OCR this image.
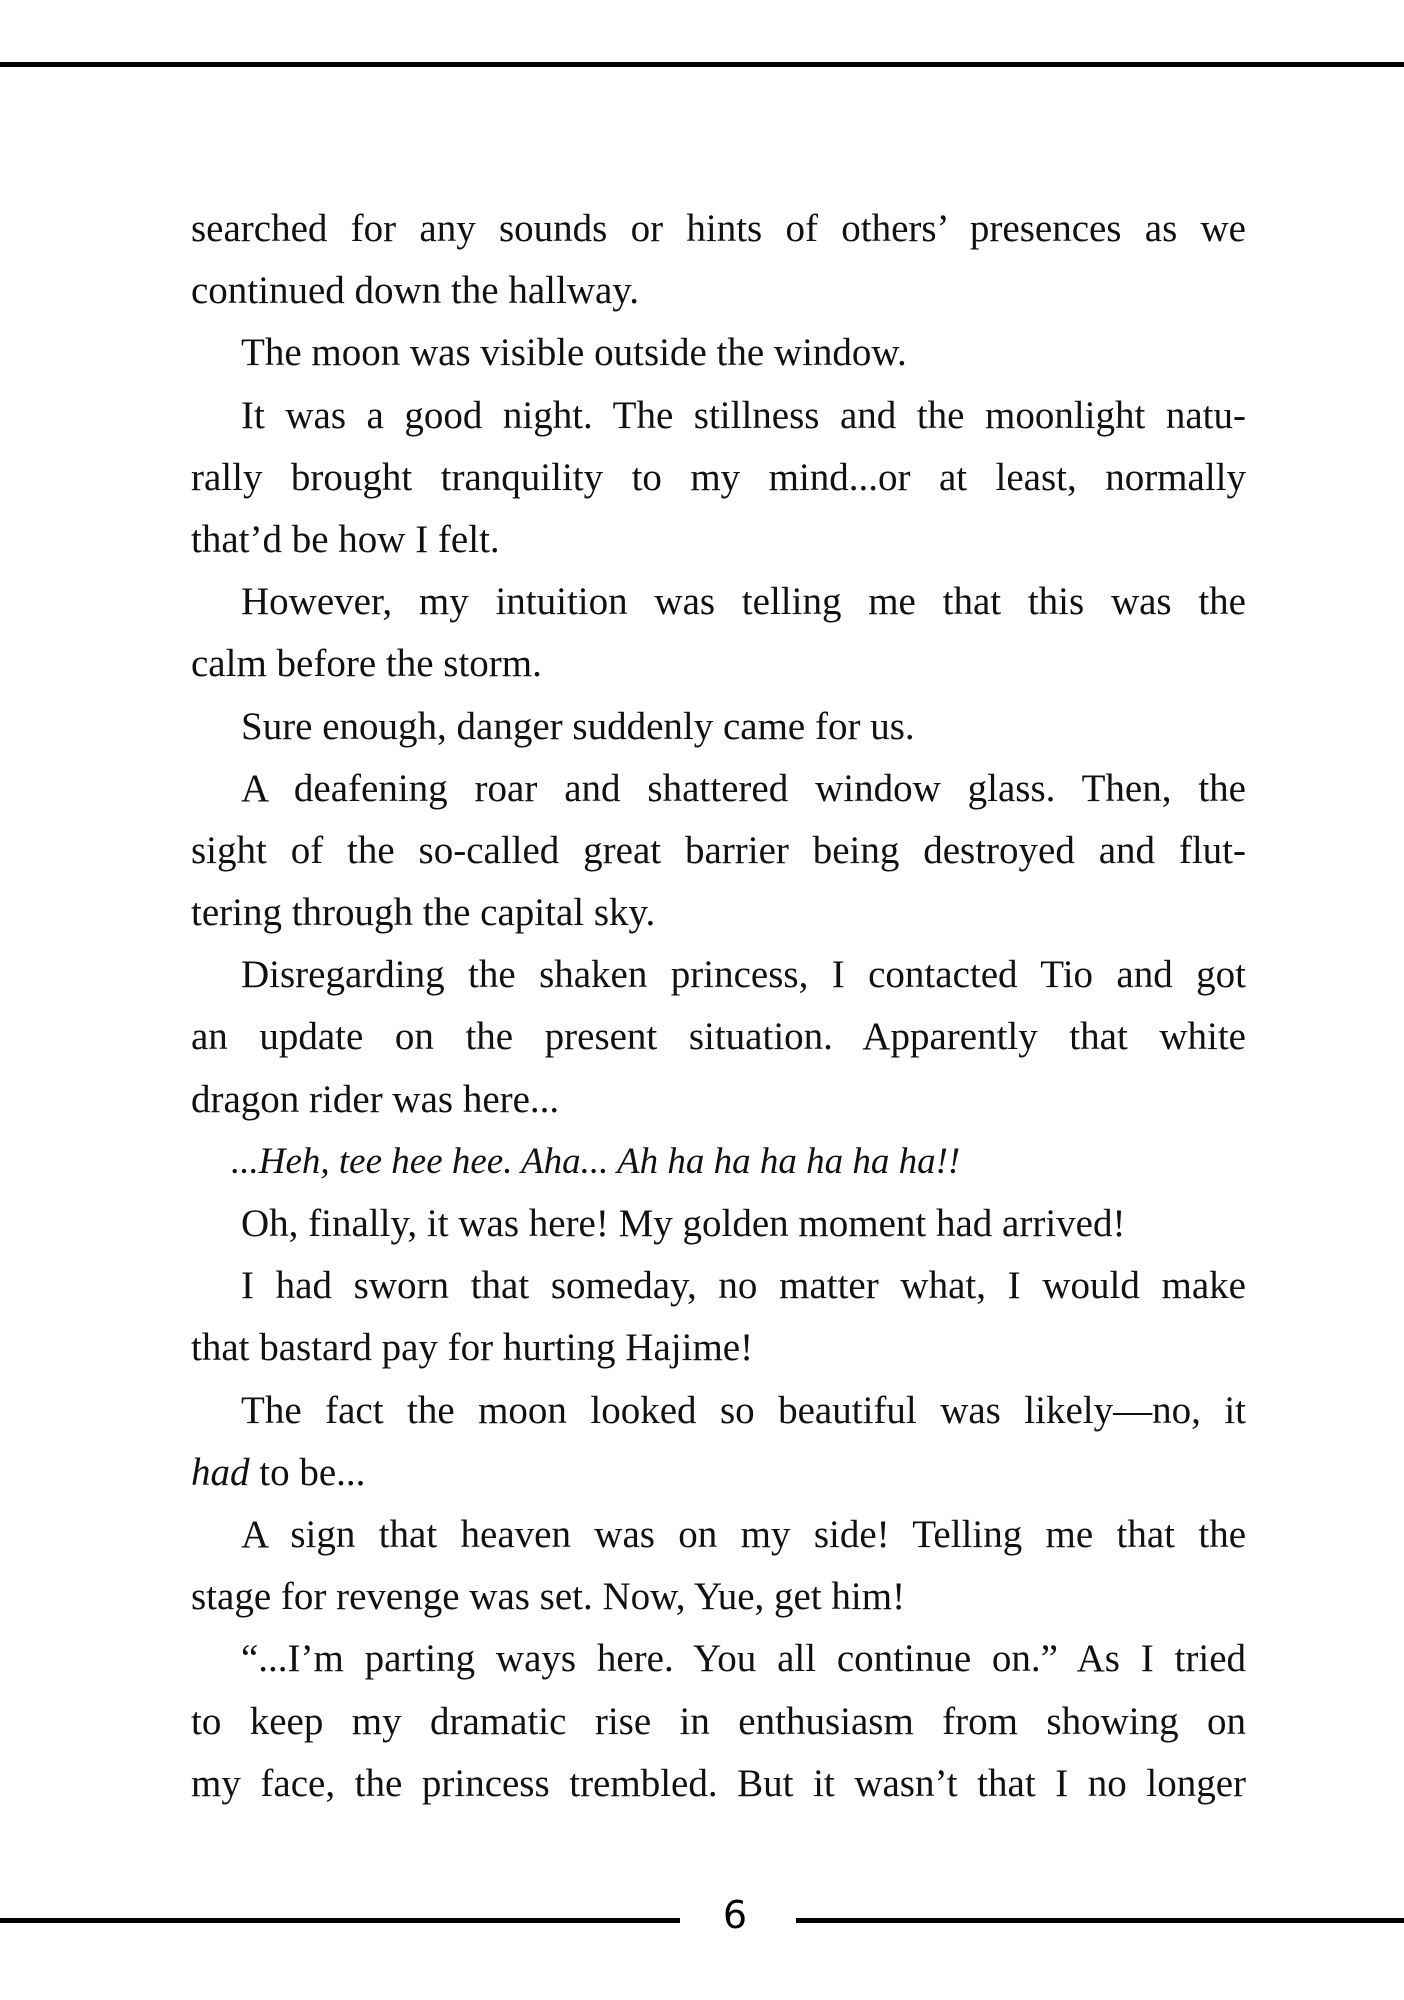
searched for any sounds or hints of others’ presences as we
continued down the hallway.
The moon was visible outside the window.
It was a good night. The stillness and the moonlight natu-
rally brought tranquility to my mind...or at least, normally
that’d be how I felt.
However, my intuition was telling me that this was the
calm before the storm.
Sure enough, danger suddenly came for us.
A deafening roar and shattered window glass. Then, the
sight of the so-called great barrier being destroyed and flut-
tering through the capital sky.
Disregarding the shaken princess, I contacted Tio and got
an update on the present situation. Apparently that white
dragon rider was here...
...Heh, tee hee hee. Aha... Ah ha ha ha ha ha ha!!
Oh, finally, it was here! My golden moment had arrived!
I had sworn that someday, no matter what, I would make
that bastard pay for hurting Hajime!
The fact the moon looked so beautiful was likely—no, it
had to be...
A sign that heaven was on my side! Telling me that the
stage for revenge was set. Now, Yue, get him!
“...I’m parting ways here. You all continue on.” As I tried
to keep my dramatic rise in enthusiasm from showing on
my face, the princess trembled. But it wasn’t that I no longer
6
